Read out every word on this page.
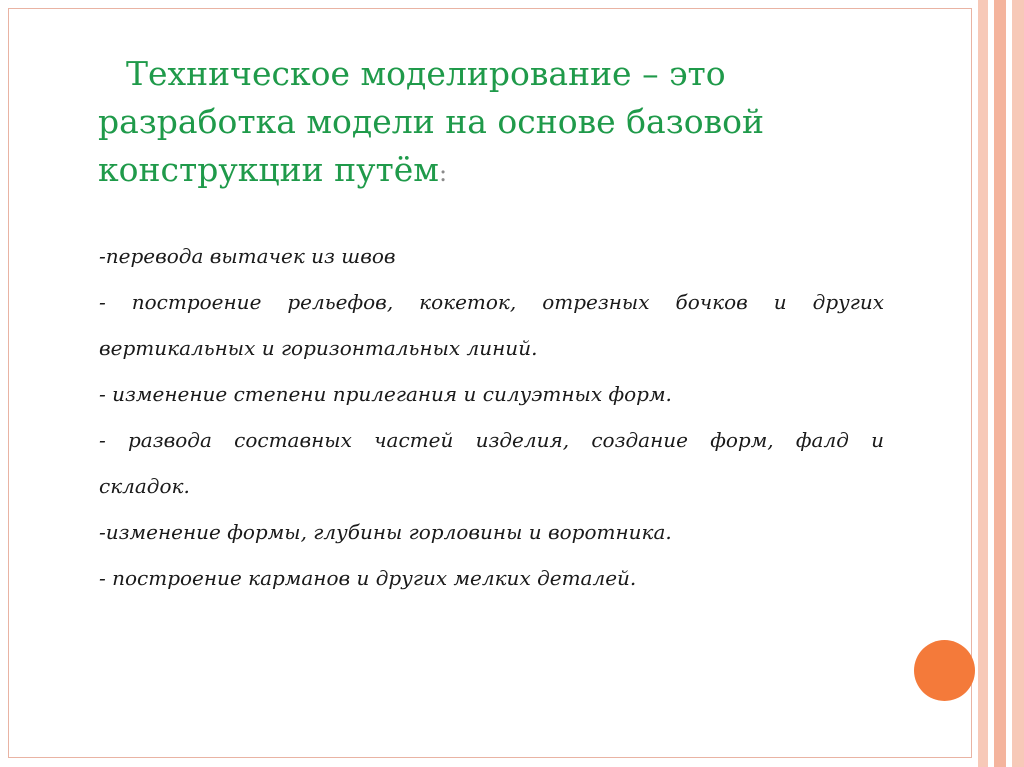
Техническое моделирование – это разработка модели на основе базовой конструкции путём:
-перевода вытачек из швов
- построение рельефов, кокеток, отрезных бочков и других
вертикальных и горизонтальных линий.
- изменение степени прилегания и силуэтных форм.
- развода составных частей изделия, создание форм, фалд и
складок.
-изменение формы, глубины горловины и воротника.
- построение карманов и других мелких деталей.
